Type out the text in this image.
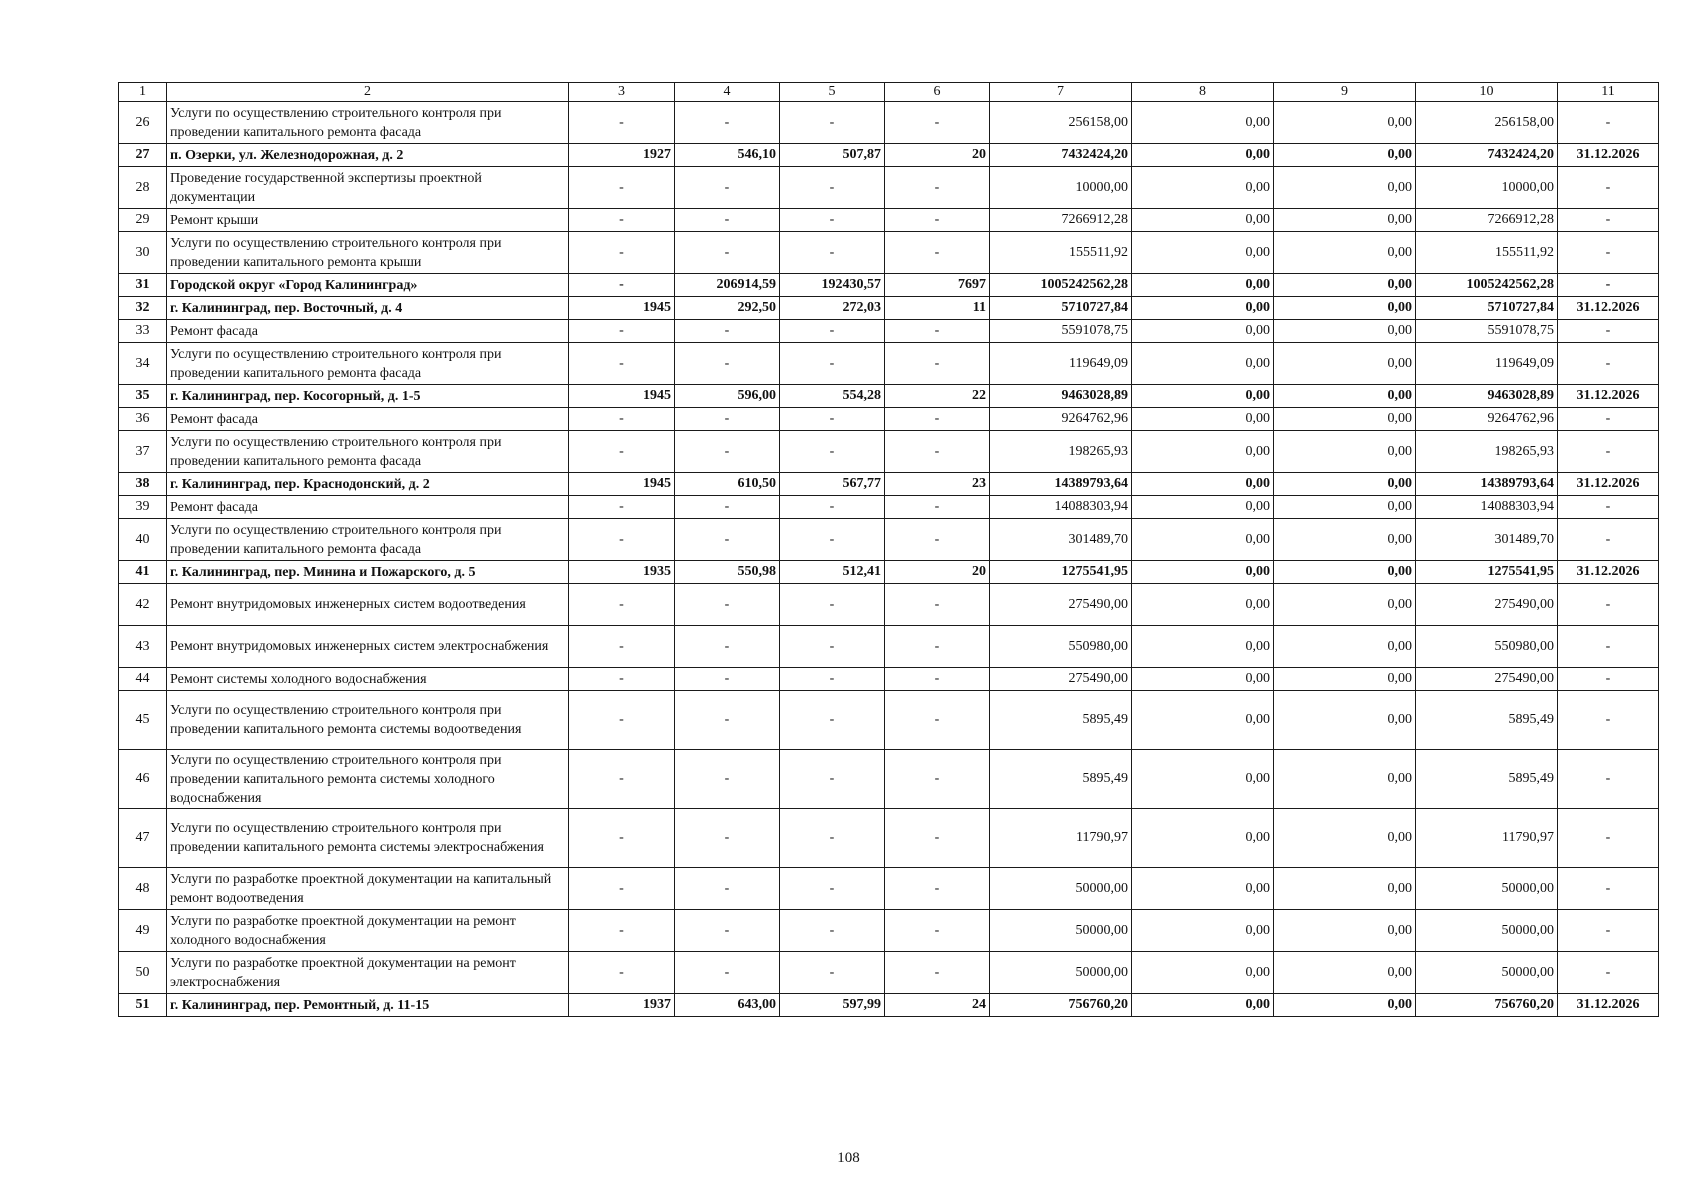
1	2	3	4	5	6	7	8	9	10	11
26	Услуги по осуществлению строительного контроля при проведении капитального ремонта фасада	-	-	-	-	256158,00	0,00	0,00	256158,00	-
27	п. Озерки, ул. Железнодорожная, д. 2	1927	546,10	507,87	20	7432424,20	0,00	0,00	7432424,20	31.12.2026
28	Проведение государственной экспертизы проектной документации	-	-	-	-	10000,00	0,00	0,00	10000,00	-
29	Ремонт крыши	-	-	-	-	7266912,28	0,00	0,00	7266912,28	-
30	Услуги по осуществлению строительного контроля при проведении капитального ремонта крыши	-	-	-	-	155511,92	0,00	0,00	155511,92	-
31	Городской округ «Город Калининград»	-	206914,59	192430,57	7697	1005242562,28	0,00	0,00	1005242562,28	-
32	г. Калининград, пер. Восточный, д. 4	1945	292,50	272,03	11	5710727,84	0,00	0,00	5710727,84	31.12.2026
33	Ремонт фасада	-	-	-	-	5591078,75	0,00	0,00	5591078,75	-
34	Услуги по осуществлению строительного контроля при проведении капитального ремонта фасада	-	-	-	-	119649,09	0,00	0,00	119649,09	-
35	г. Калининград, пер. Косогорный, д. 1-5	1945	596,00	554,28	22	9463028,89	0,00	0,00	9463028,89	31.12.2026
36	Ремонт фасада	-	-	-	-	9264762,96	0,00	0,00	9264762,96	-
37	Услуги по осуществлению строительного контроля при проведении капитального ремонта фасада	-	-	-	-	198265,93	0,00	0,00	198265,93	-
38	г. Калининград, пер. Краснодонский, д. 2	1945	610,50	567,77	23	14389793,64	0,00	0,00	14389793,64	31.12.2026
39	Ремонт фасада	-	-	-	-	14088303,94	0,00	0,00	14088303,94	-
40	Услуги по осуществлению строительного контроля при проведении капитального ремонта фасада	-	-	-	-	301489,70	0,00	0,00	301489,70	-
41	г. Калининград, пер. Минина и Пожарского, д. 5	1935	550,98	512,41	20	1275541,95	0,00	0,00	1275541,95	31.12.2026
42	Ремонт внутридомовых инженерных систем водоотведения	-	-	-	-	275490,00	0,00	0,00	275490,00	-
43	Ремонт внутридомовых инженерных систем электроснабжения	-	-	-	-	550980,00	0,00	0,00	550980,00	-
44	Ремонт системы холодного водоснабжения	-	-	-	-	275490,00	0,00	0,00	275490,00	-
45	Услуги по осуществлению строительного контроля при проведении капитального ремонта системы водоотведения	-	-	-	-	5895,49	0,00	0,00	5895,49	-
46	Услуги по осуществлению строительного контроля при проведении капитального ремонта системы холодного водоснабжения	-	-	-	-	5895,49	0,00	0,00	5895,49	-
47	Услуги по осуществлению строительного контроля при проведении капитального ремонта системы электроснабжения	-	-	-	-	11790,97	0,00	0,00	11790,97	-
48	Услуги по разработке проектной документации на капитальный ремонт водоотведения	-	-	-	-	50000,00	0,00	0,00	50000,00	-
49	Услуги по разработке проектной документации на ремонт холодного водоснабжения	-	-	-	-	50000,00	0,00	0,00	50000,00	-
50	Услуги по разработке проектной документации на ремонт электроснабжения	-	-	-	-	50000,00	0,00	0,00	50000,00	-
51	г. Калининград, пер. Ремонтный, д. 11-15	1937	643,00	597,99	24	756760,20	0,00	0,00	756760,20	31.12.2026
108
